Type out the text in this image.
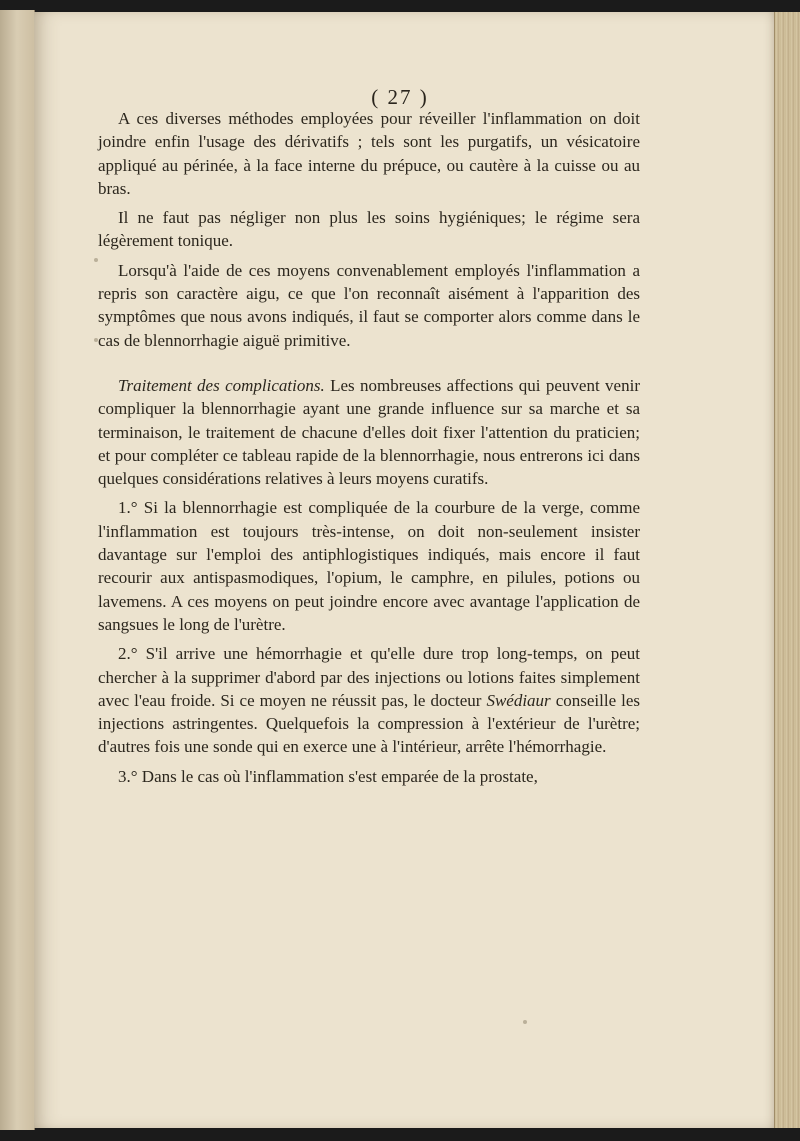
( 27 )

A ces diverses méthodes employées pour réveiller l'inflammation on doit joindre enfin l'usage des dérivatifs ; tels sont les purgatifs, un vésicatoire appliqué au périnée, à la face interne du prépuce, ou cautère à la cuisse ou au bras.

Il ne faut pas négliger non plus les soins hygiéniques; le régime sera légèrement tonique.

Lorsqu'à l'aide de ces moyens convenablement employés l'inflammation a repris son caractère aigu, ce que l'on reconnaît aisément à l'apparition des symptômes que nous avons indiqués, il faut se comporter alors comme dans le cas de blennorrhagie aiguë primitive.

Traitement des complications. Les nombreuses affections qui peuvent venir compliquer la blennorrhagie ayant une grande influence sur sa marche et sa terminaison, le traitement de chacune d'elles doit fixer l'attention du praticien; et pour compléter ce tableau rapide de la blennorrhagie, nous entrerons ici dans quelques considérations relatives à leurs moyens curatifs.

1.° Si la blennorrhagie est compliquée de la courbure de la verge, comme l'inflammation est toujours très-intense, on doit non-seulement insister davantage sur l'emploi des antiphlogistiques indiqués, mais encore il faut recourir aux antispasmodiques, l'opium, le camphre, en pilules, potions ou lavemens. A ces moyens on peut joindre encore avec avantage l'application de sangsues le long de l'urètre.

2.° S'il arrive une hémorrhagie et qu'elle dure trop long-temps, on peut chercher à la supprimer d'abord par des injections ou lotions faites simplement avec l'eau froide. Si ce moyen ne réussit pas, le docteur Swédiaur conseille les injections astringentes. Quelquefois la compression à l'extérieur de l'urètre; d'autres fois une sonde qui en exerce une à l'intérieur, arrête l'hémorrhagie.

3.° Dans le cas où l'inflammation s'est emparée de la prostate,
